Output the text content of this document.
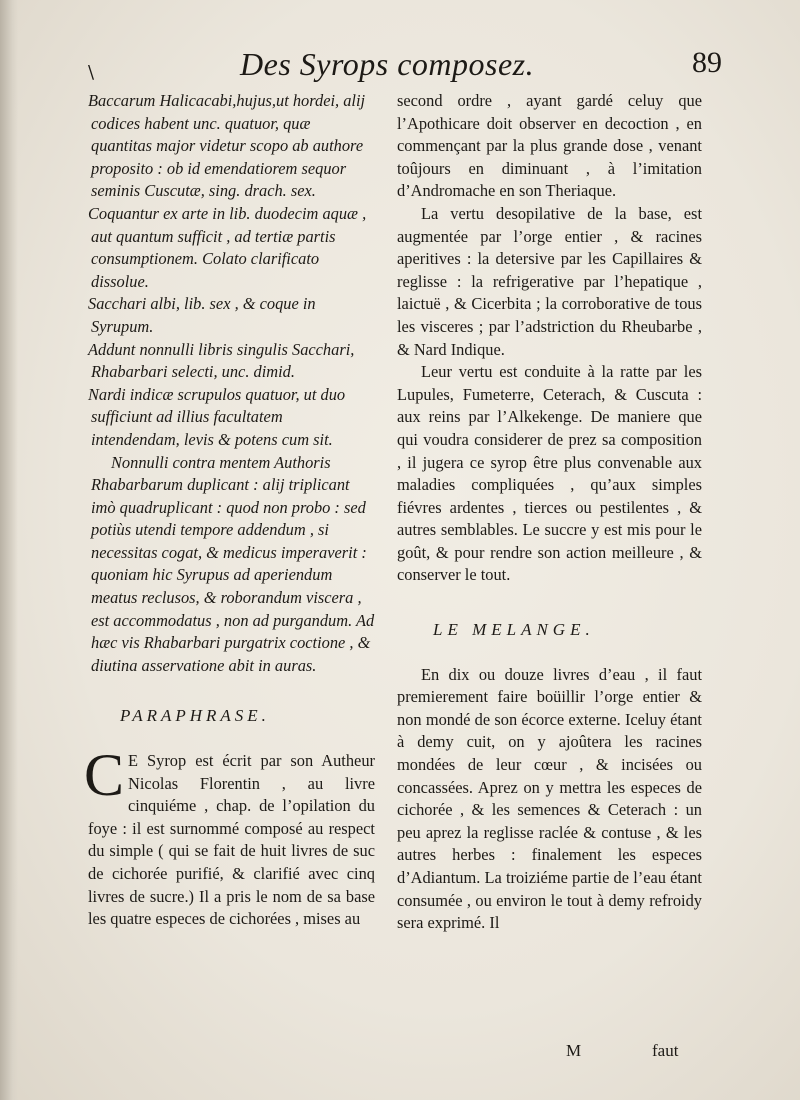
\	Des Syrops composez.	89

Baccarum Halicacabi,hujus,ut hordei, alij codices habent unc. quatuor, quæ quantitas major videtur scopo ab authore proposito : ob id emendatiorem sequor seminis Cuscutæ, sing. drach. sex.

Coquantur ex arte in lib. duodecim aquæ , aut quantum sufficit , ad tertiæ partis consumptionem. Colato clarificato dissolue.

Sacchari albi, lib. sex , & coque in Syrupum.

Addunt nonnulli libris singulis Sacchari, Rhabarbari selecti, unc. dimid.

Nardi indicæ scrupulos quatuor, ut duo sufficiunt ad illius facultatem intendendam, levis & potens cum sit.

Nonnulli contra mentem Authoris Rhabarbarum duplicant : alij triplicant imò quadruplicant : quod non probo : sed potiùs utendi tempore addendum , si necessitas cogat, & medicus imperaverit : quoniam hic Syrupus ad aperiendum meatus reclusos, & roborandum viscera , est accommodatus , non ad purgandum. Ad hæc vis Rhabarbari purgatrix coctione , & diutina asservatione abit in auras.

PARAPHRASE.
C E Syrop est écrit par son Autheur Nicolas Florentin , au livre cinquiéme , chap. de l’opilation du foye : il est surnommé composé au respect du simple ( qui se fait de huit livres de suc de cichorée purifié, & clarifié avec cinq livres de sucre.) Il a pris le nom de sa base les quatre especes de cichorées , mises au

second ordre , ayant gardé celuy que l’Apothicare doit observer en decoction , en commençant par la plus grande dose , venant toûjours en diminuant , à l’imitation d’Andromache en son Theriaque.

La vertu desopilative de la base, est augmentée par l’orge entier , & racines aperitives : la detersive par les Capillaires & reglisse : la refrigerative par l’hepatique , laictuë , & Cicerbita ; la corroborative de tous les visceres ; par l’adstriction du Rheubarbe , & Nard Indique.

Leur vertu est conduite à la ratte par les Lupules, Fumeterre, Ceterach, & Cuscuta : aux reins par l’Alkekenge. De maniere que qui voudra considerer de prez sa composition , il jugera ce syrop être plus convenable aux maladies compliquées , qu’aux simples fiévres ardentes , tierces ou pestilentes , & autres semblables. Le succre y est mis pour le goût, & pour rendre son action meilleure , & conserver le tout.

LE MELANGE.

En dix ou douze livres d’eau , il faut premierement faire boüillir l’orge entier & non mondé de son écorce externe. Iceluy étant à demy cuit, on y ajoûtera les racines mondées de leur cœur , & incisées ou concassées. Aprez on y mettra les especes de cichorée , & les semences & Ceterach : un peu aprez la reglisse raclée & contuse , & les autres herbes : finalement les especes d’Adiantum. La troiziéme partie de l’eau étant consumée , ou environ le tout à demy refroidy sera exprimé. Il

M	faut
